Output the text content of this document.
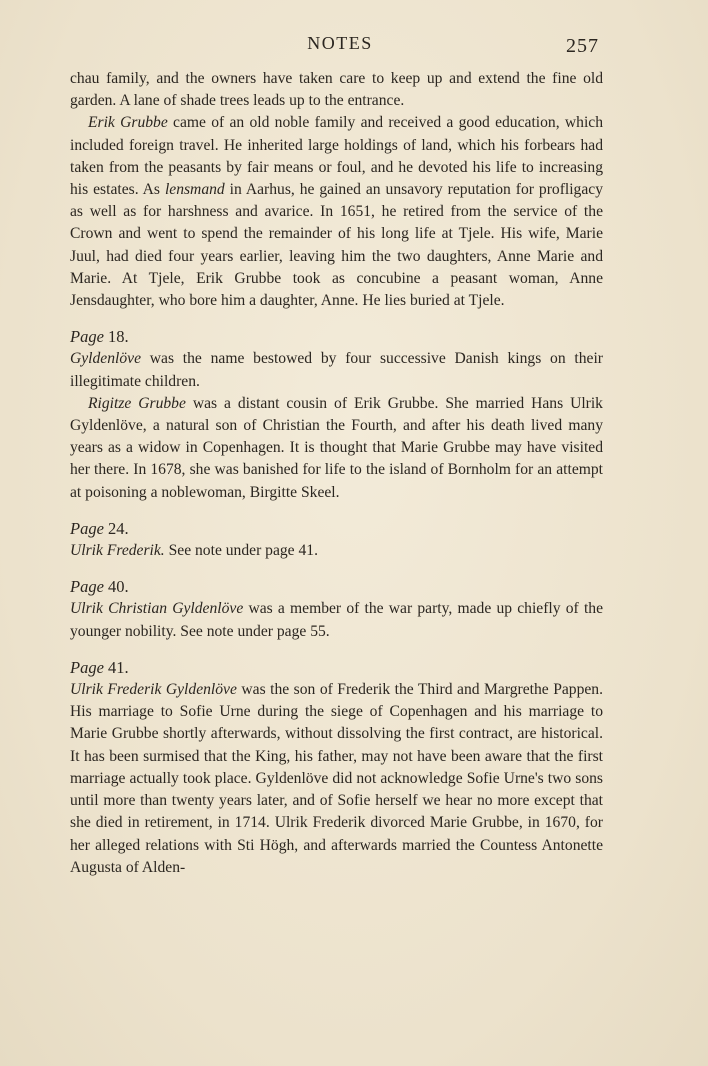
NOTES	257

chau family, and the owners have taken care to keep up and extend the fine old garden. A lane of shade trees leads up to the entrance.

Erik Grubbe came of an old noble family and received a good education, which included foreign travel. He inherited large holdings of land, which his forbears had taken from the peasants by fair means or foul, and he devoted his life to increasing his estates. As lensmand in Aarhus, he gained an unsavory reputation for profligacy as well as for harshness and avarice. In 1651, he retired from the service of the Crown and went to spend the remainder of his long life at Tjele. His wife, Marie Juul, had died four years earlier, leaving him the two daughters, Anne Marie and Marie. At Tjele, Erik Grubbe took as concubine a peasant woman, Anne Jensdaughter, who bore him a daughter, Anne. He lies buried at Tjele.

Page 18.

Gyldenlöve was the name bestowed by four successive Danish kings on their illegitimate children.

Rigitze Grubbe was a distant cousin of Erik Grubbe. She married Hans Ulrik Gyldenlöve, a natural son of Christian the Fourth, and after his death lived many years as a widow in Copenhagen. It is thought that Marie Grubbe may have visited her there. In 1678, she was banished for life to the island of Bornholm for an attempt at poisoning a noblewoman, Birgitte Skeel.

Page 24.

Ulrik Frederik. See note under page 41.

Page 40.

Ulrik Christian Gyldenlöve was a member of the war party, made up chiefly of the younger nobility. See note under page 55.

Page 41.

Ulrik Frederik Gyldenlöve was the son of Frederik the Third and Margrethe Pappen. His marriage to Sofie Urne during the siege of Copenhagen and his marriage to Marie Grubbe shortly afterwards, without dissolving the first contract, are historical. It has been surmised that the King, his father, may not have been aware that the first marriage actually took place. Gyldenlöve did not acknowledge Sofie Urne's two sons until more than twenty years later, and of Sofie herself we hear no more except that she died in retirement, in 1714. Ulrik Frederik divorced Marie Grubbe, in 1670, for her alleged relations with Sti Högh, and afterwards married the Countess Antonette Augusta of Alden-
